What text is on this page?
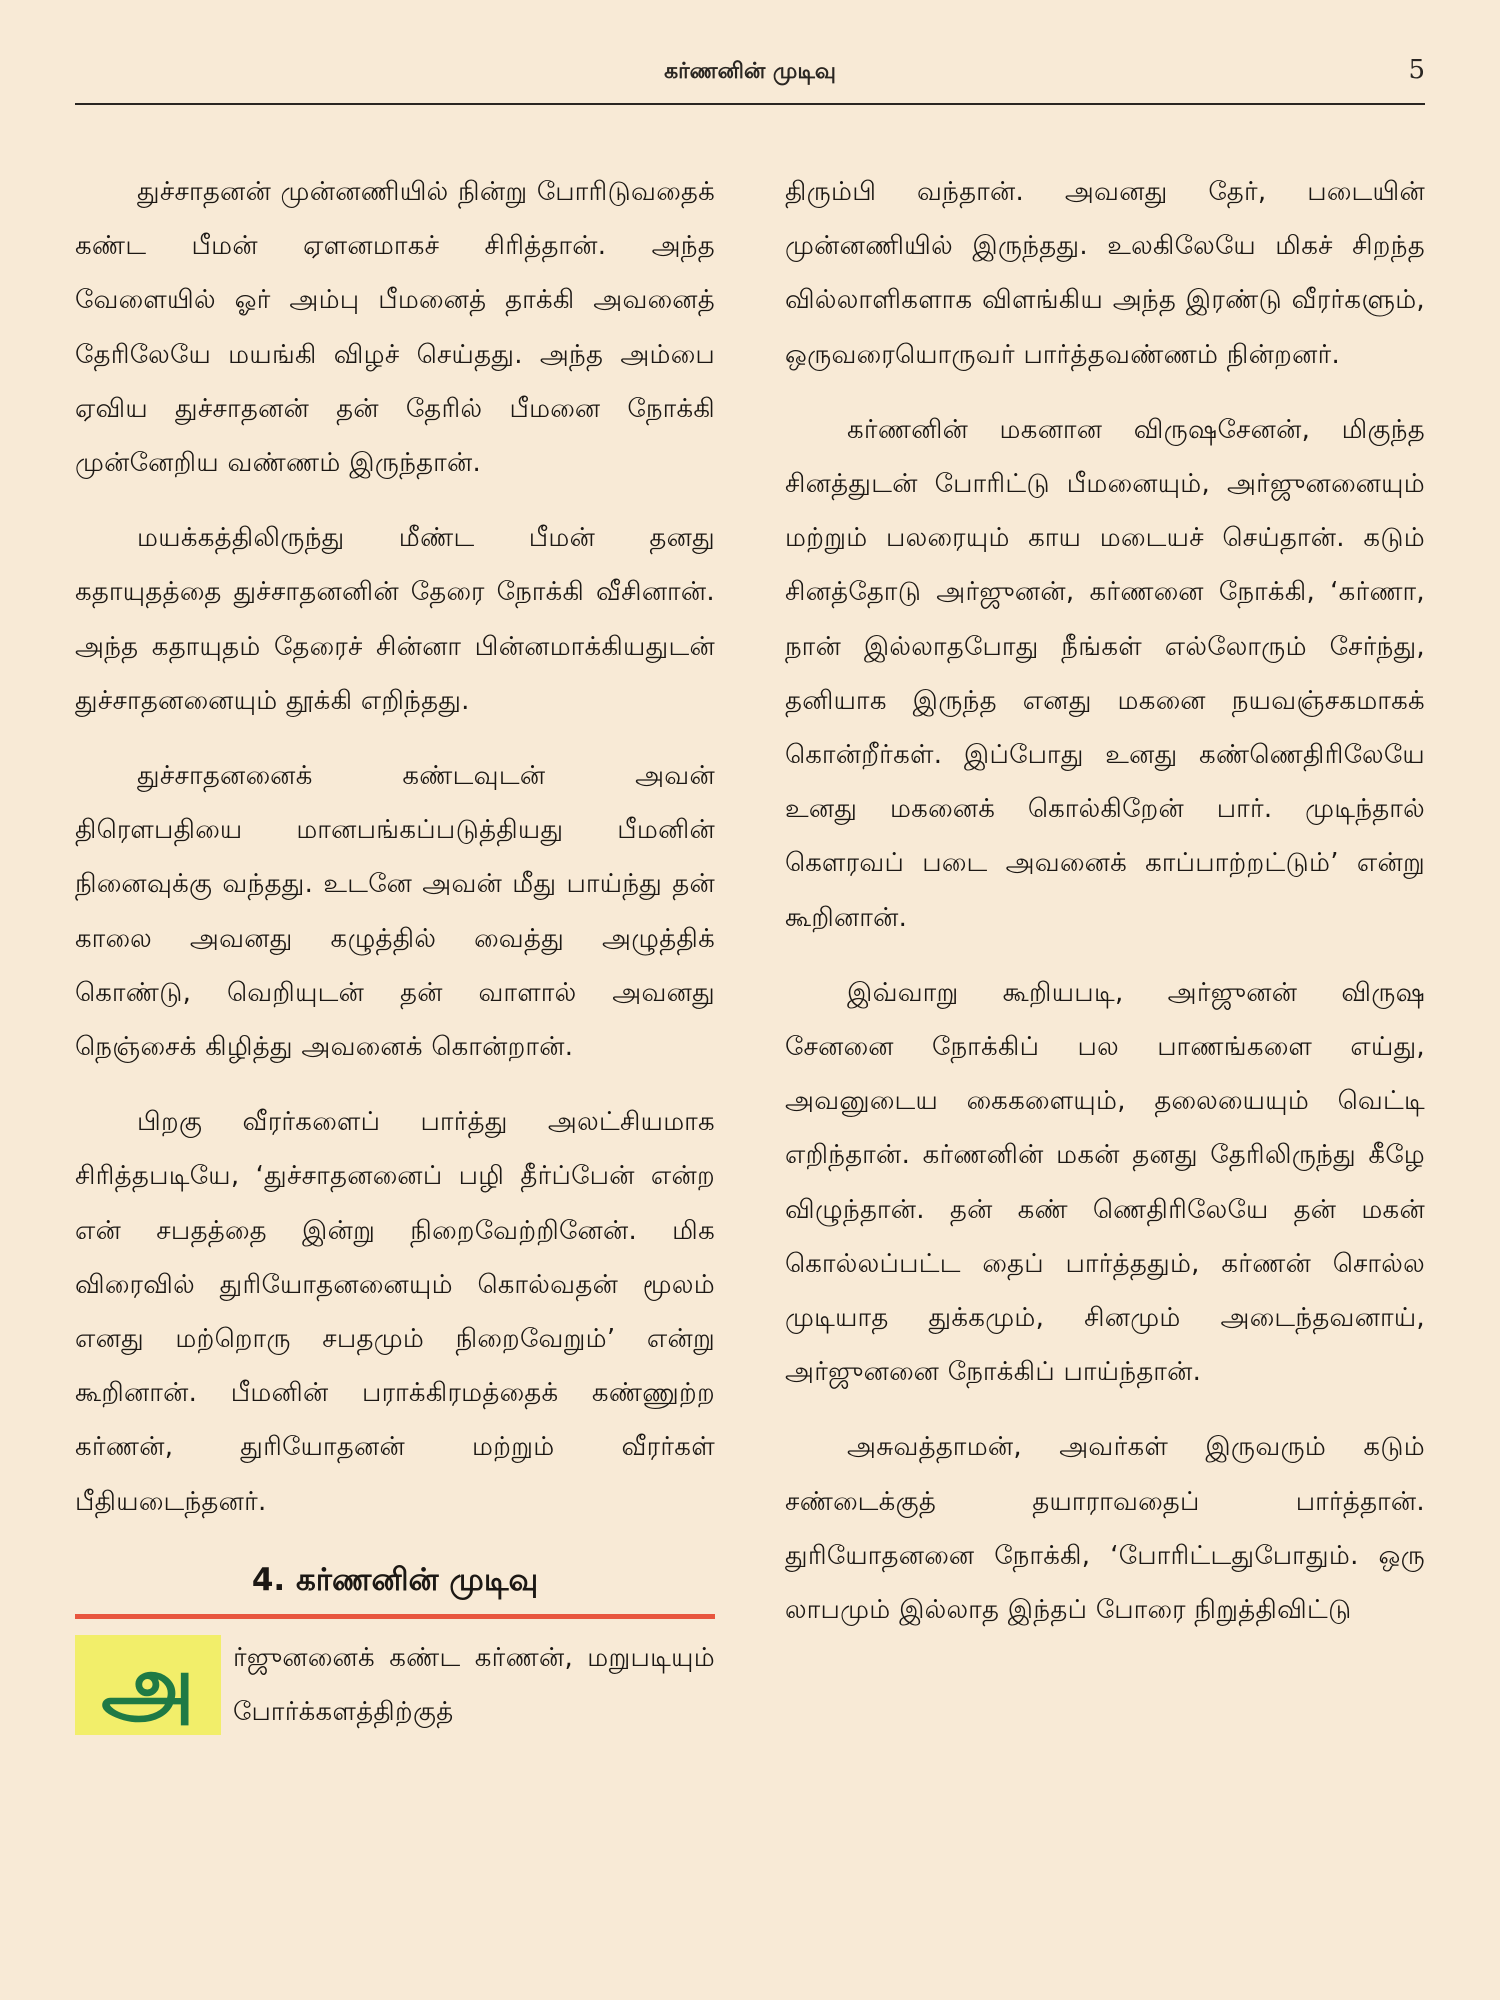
கர்ணனின் முடிவு	5

துச்சாதனன் முன்னணியில் நின்று போரிடுவதைக் கண்ட பீமன் ஏளனமாகச் சிரித்தான். அந்த வேளையில் ஓர் அம்பு பீமனைத் தாக்கி அவனைத் தேரிலேயே மயங்கி விழச் செய்தது. அந்த அம்பை ஏவிய துச்சாதனன் தன் தேரில் பீமனை நோக்கி முன்னேறிய வண்ணம் இருந்தான்.

மயக்கத்திலிருந்து மீண்ட பீமன் தனது கதாயுதத்தை துச்சாதனனின் தேரை நோக்கி வீசினான். அந்த கதாயுதம் தேரைச் சின்னா பின்னமாக்கியதுடன் துச்சாதனனையும் தூக்கி எறிந்தது.

துச்சாதனனைக் கண்டவுடன் அவன் திரௌபதியை மானபங்கப்படுத்தியது பீமனின் நினைவுக்கு வந்தது. உடனே அவன் மீது பாய்ந்து தன் காலை அவனது கழுத்தில் வைத்து அழுத்திக் கொண்டு, வெறியுடன் தன் வாளால் அவனது நெஞ்சைக் கிழித்து அவனைக் கொன்றான்.

பிறகு வீரர்களைப் பார்த்து அலட்சியமாக சிரித்தபடியே, ‘துச்சாதனனைப் பழி தீர்ப்பேன் என்ற என் சபதத்தை இன்று நிறைவேற்றினேன். மிக விரைவில் துரியோதனனையும் கொல்வதன் மூலம் எனது மற்றொரு சபதமும் நிறைவேறும்’ என்று கூறினான். பீமனின் பராக்கிரமத்தைக் கண்ணுற்ற கர்ணன், துரியோதனன் மற்றும் வீரர்கள் பீதியடைந்தனர்.

4. கர்ணனின் முடிவு
அ	ர்ஜுனனைக் கண்ட கர்ணன், மறுபடியும் போர்க்களத்திற்குத்

திரும்பி வந்தான். அவனது தேர், படையின் முன்னணியில் இருந்தது. உலகிலேயே மிகச் சிறந்த வில்லாளிகளாக விளங்கிய அந்த இரண்டு வீரர்களும், ஒருவரையொருவர் பார்த்தவண்ணம் நின்றனர்.

கர்ணனின் மகனான விருஷசேனன், மிகுந்த சினத்துடன் போரிட்டு பீமனையும், அர்ஜுனனையும் மற்றும் பலரையும் காய மடையச் செய்தான். கடும் சினத்தோடு அர்ஜுனன், கர்ணனை நோக்கி, ‘கர்ணா, நான் இல்லாதபோது நீங்கள் எல்லோரும் சேர்ந்து, தனியாக இருந்த எனது மகனை நயவஞ்சகமாகக் கொன்றீர்கள். இப்போது உனது கண்ணெதிரிலேயே உனது மகனைக் கொல்கிறேன் பார். முடிந்தால் கௌரவப் படை அவனைக் காப்பாற்றட்டும்’ என்று கூறினான்.

இவ்வாறு கூறியபடி, அர்ஜுனன் விருஷ சேனனை நோக்கிப் பல பாணங்களை எய்து, அவனுடைய கைகளையும், தலையையும் வெட்டி எறிந்தான். கர்ணனின் மகன் தனது தேரிலிருந்து கீழே விழுந்தான். தன் கண் ணெதிரிலேயே தன் மகன் கொல்லப்பட்ட தைப் பார்த்ததும், கர்ணன் சொல்ல முடியாத துக்கமும், சினமும் அடைந்தவனாய், அர்ஜுனனை நோக்கிப் பாய்ந்தான்.

அசுவத்தாமன், அவர்கள் இருவரும் கடும் சண்டைக்குத் தயாராவதைப் பார்த்தான். துரியோதனனை நோக்கி, ‘போரிட்டதுபோதும். ஒரு லாபமும் இல்லாத இந்தப் போரை நிறுத்திவிட்டு
